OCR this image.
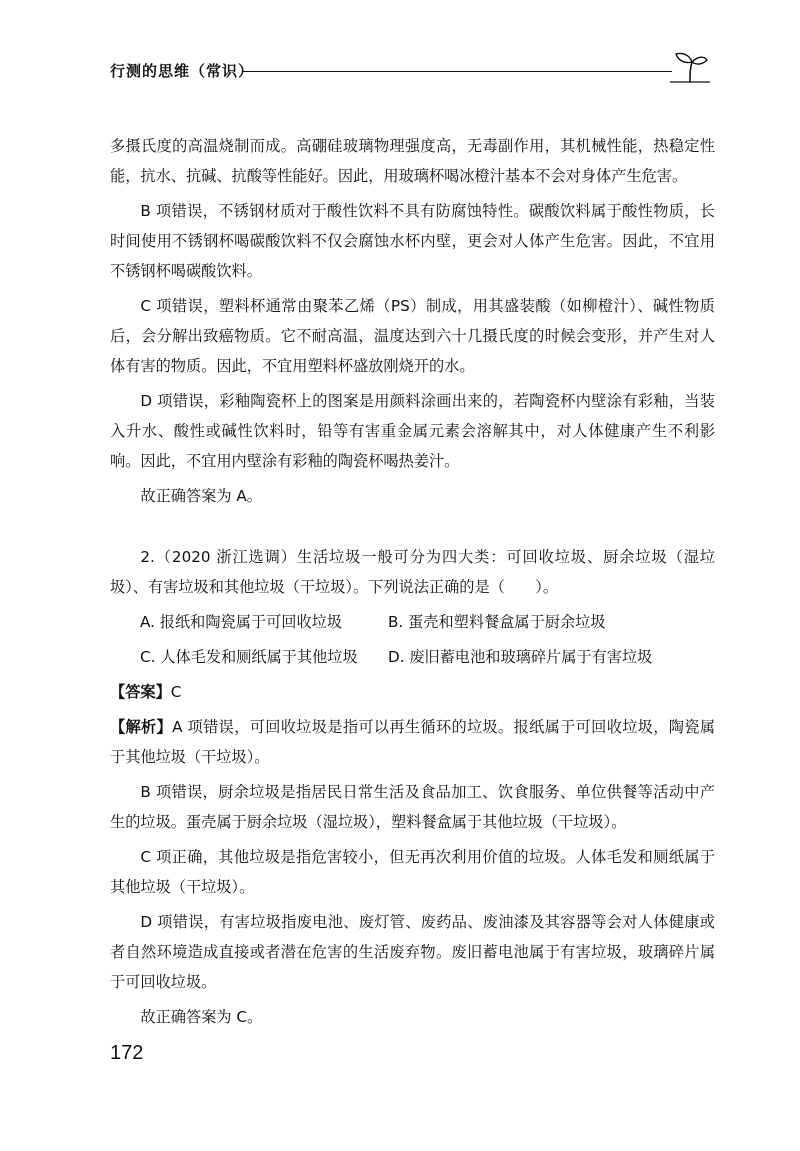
行测的思维（常识）

多摄氏度的高温烧制而成。高硼硅玻璃物理强度高，无毒副作用，其机械性能，热稳定性能，抗水、抗碱、抗酸等性能好。因此，用玻璃杯喝冰橙汁基本不会对身体产生危害。

B 项错误，不锈钢材质对于酸性饮料不具有防腐蚀特性。碳酸饮料属于酸性物质，长时间使用不锈钢杯喝碳酸饮料不仅会腐蚀水杯内壁，更会对人体产生危害。因此，不宜用不锈钢杯喝碳酸饮料。

C 项错误，塑料杯通常由聚苯乙烯（PS）制成，用其盛装酸（如柳橙汁）、碱性物质后，会分解出致癌物质。它不耐高温，温度达到六十几摄氏度的时候会变形，并产生对人体有害的物质。因此，不宜用塑料杯盛放刚烧开的水。

D 项错误，彩釉陶瓷杯上的图案是用颜料涂画出来的，若陶瓷杯内壁涂有彩釉，当装入升水、酸性或碱性饮料时，铅等有害重金属元素会溶解其中，对人体健康产生不利影响。因此，不宜用内壁涂有彩釉的陶瓷杯喝热姜汁。

故正确答案为 A。

2.（2020 浙江选调）生活垃圾一般可分为四大类：可回收垃圾、厨余垃圾（湿垃圾）、有害垃圾和其他垃圾（干垃圾）。下列说法正确的是（　　）。

A. 报纸和陶瓷属于可回收垃圾	B. 蛋壳和塑料餐盒属于厨余垃圾
C. 人体毛发和厕纸属于其他垃圾	D. 废旧蓄电池和玻璃碎片属于有害垃圾

【答案】C

【解析】A 项错误，可回收垃圾是指可以再生循环的垃圾。报纸属于可回收垃圾，陶瓷属于其他垃圾（干垃圾）。

B 项错误，厨余垃圾是指居民日常生活及食品加工、饮食服务、单位供餐等活动中产生的垃圾。蛋壳属于厨余垃圾（湿垃圾），塑料餐盒属于其他垃圾（干垃圾）。

C 项正确，其他垃圾是指危害较小，但无再次利用价值的垃圾。人体毛发和厕纸属于其他垃圾（干垃圾）。

D 项错误，有害垃圾指废电池、废灯管、废药品、废油漆及其容器等会对人体健康或者自然环境造成直接或者潜在危害的生活废弃物。废旧蓄电池属于有害垃圾，玻璃碎片属于可回收垃圾。

故正确答案为 C。

172
